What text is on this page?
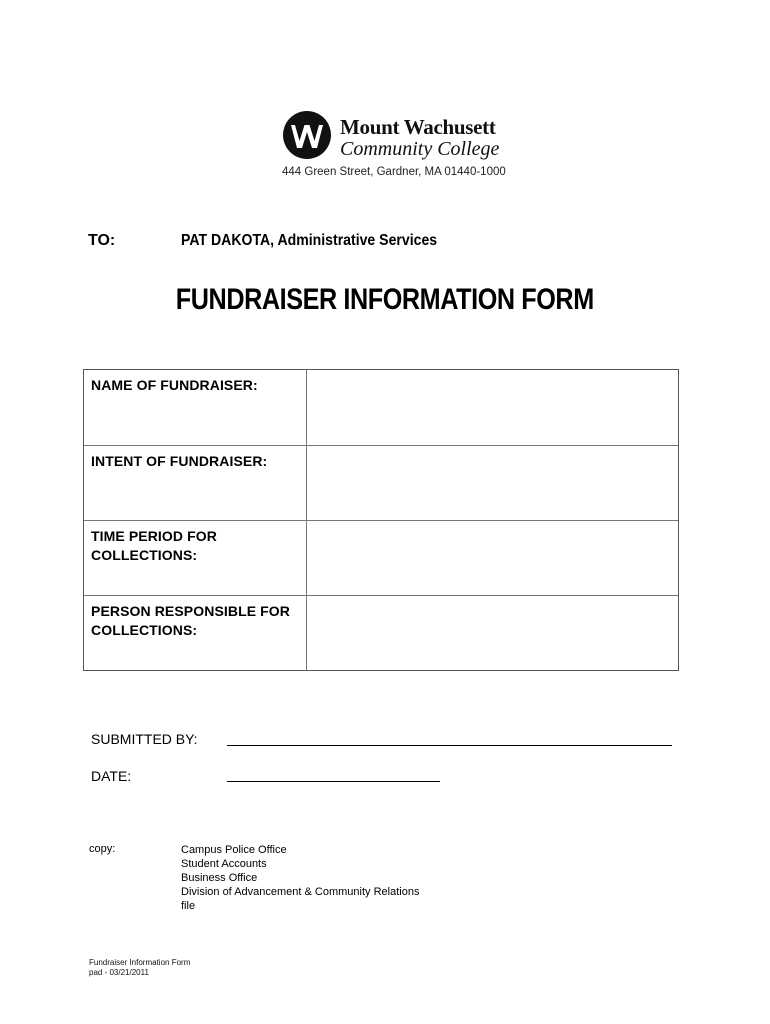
Mount Wachusett
Community College
444 Green Street, Gardner, MA 01440-1000
TO:	PAT DAKOTA, Administrative Services
FUNDRAISER INFORMATION FORM
NAME OF FUNDRAISER:
INTENT OF FUNDRAISER:
TIME PERIOD FOR COLLECTIONS:
PERSON RESPONSIBLE FOR COLLECTIONS:
SUBMITTED BY:
DATE:
copy:	Campus Police Office
Student Accounts
Business Office
Division of Advancement & Community Relations
file
Fundraiser Information Form
pad - 03/21/2011
